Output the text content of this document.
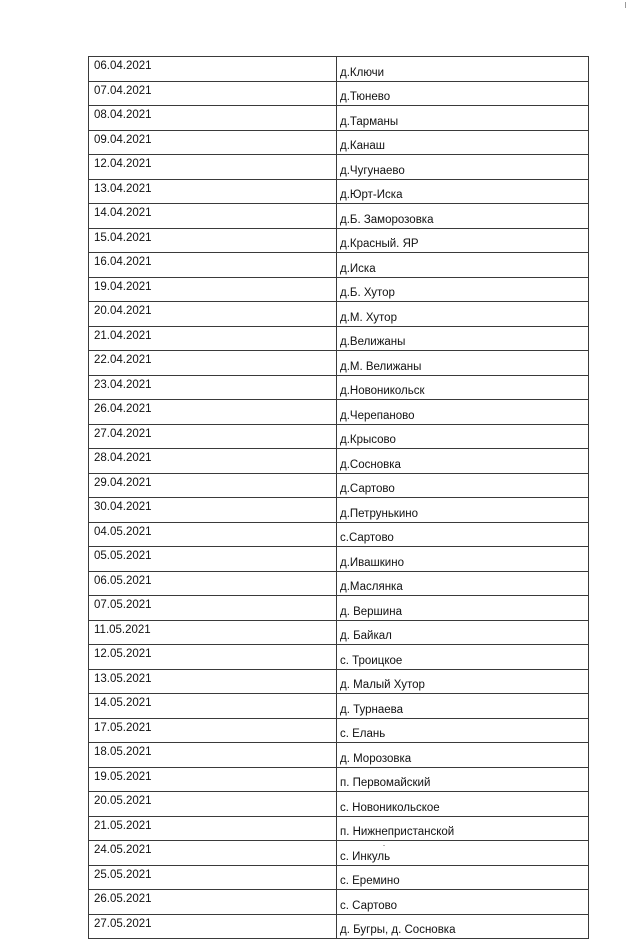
06.04.2021	д.Ключи
07.04.2021	д.Тюнево
08.04.2021	д.Тарманы
09.04.2021	д.Канаш
12.04.2021	д.Чугунаево
13.04.2021	д.Юрт-Иска
14.04.2021	д.Б. Заморозовка
15.04.2021	д.Красный. ЯР
16.04.2021	д.Иска
19.04.2021	д.Б. Хутор
20.04.2021	д.М. Хутор
21.04.2021	д.Велижаны
22.04.2021	д.М. Велижаны
23.04.2021	д.Новоникольск
26.04.2021	д.Черепаново
27.04.2021	д.Крысово
28.04.2021	д.Сосновка
29.04.2021	д.Сартово
30.04.2021	д.Петрунькино
04.05.2021	с.Сартово
05.05.2021	д.Ивашкино
06.05.2021	д.Маслянка
07.05.2021	д. Вершина
11.05.2021	д. Байкал
12.05.2021	с. Троицкое
13.05.2021	д. Малый Хутор
14.05.2021	д. Турнаева
17.05.2021	с. Елань
18.05.2021	д. Морозовка
19.05.2021	п. Первомайский
20.05.2021	с. Новоникольское
21.05.2021	п. Нижнепристанской
24.05.2021	с. Инкуль
25.05.2021	с. Еремино
26.05.2021	с. Сартово
27.05.2021	д. Бугры, д. Сосновка
